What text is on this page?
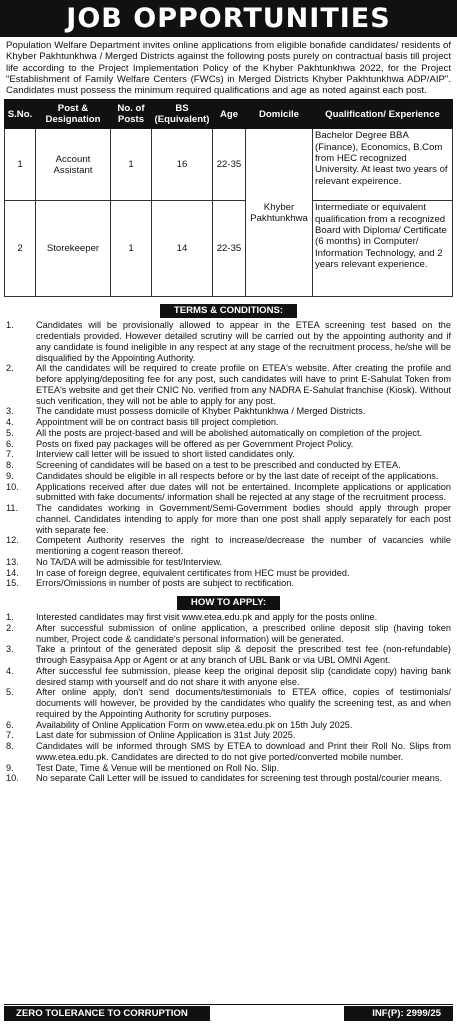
JOB OPPORTUNITIES
Population Welfare Department invites online applications from eligible bonafide candidates/ residents of Khyber Pakhtunkhwa / Merged Districts against the following posts purely on contractual basis till project life according to the Project Implementation Policy of the Khyber Pakhtunkhwa 2022, for the Project "Establishment of Family Welfare Centers (FWCs) in Merged Districts Khyber Pakhtunkhwa ADP/AIP". Candidates must possess the minimum required qualifications and age as noted against each post.
S.No.	Post & Designation	No. of Posts	BS (Equivalent)	Age	Domicile	Qualification/ Experience
1	Account Assistant	1	16	22-35	Khyber Pakhtunkhwa	Bachelor Degree BBA (Finance), Economics, B.Com from HEC recognized University. At least two years of relevant expeirence.
2	Storekeeper	1	14	22-35		Intermediate or equivalent qualification from a recognized Board with Diploma/ Certificate (6 months) in Computer/ Information Technology, and 2 years relevant experience.
TERMS & CONDITIONS:
1.	Candidates will be provisionally allowed to appear in the ETEA screening test based on the credentials provided. However detailed scrutiny will be carried out by the appointing authority and if any candidate is found ineligible in any respect at any stage of the recruitment process, he/she will be disqualified by the Appointing Authority.
2.	All the candidates will be required to create profile on ETEA's website. After creating the profile and before applying/depositing fee for any post, such candidates will have to print E-Sahulat Token from ETEA's website and get their CNIC No. verified from any NADRA E-Sahulat franchise (Kiosk). Without such verification, they will not be able to apply for any post.
3.	The candidate must possess domicile of Khyber Pakhtunkhwa / Merged Districts.
4.	Appointment will be on contract basis till project completion.
5.	All the posts are project-based and will be abolished automatically on completion of the project.
6.	Posts on fixed pay packages will be offered as per Government Project Policy.
7.	Interview call letter will be issued to short listed candidates only.
8.	Screening of candidates will be based on a test to be prescribed and conducted by ETEA.
9.	Candidates should be eligible in all respects before or by the last date of receipt of the applications.
10.	Applications received after due dates will not be entertained. Incomplete applications or application submitted with fake documents/ information shall be rejected at any stage of the recruitment process.
11.	The candidates working in Government/Semi-Government bodies should apply through proper channel. Candidates intending to apply for more than one post shall apply separately for each post with separate fee.
12.	Competent Authority reserves the right to increase/decrease the number of vacancies while mentioning a cogent reason thereof.
13.	No TA/DA will be admissible for test/Interview.
14.	In case of foreign degree, equivalent certificates from HEC must be provided.
15.	Errors/Omissions in number of posts are subject to rectification.
HOW TO APPLY:
1.	Interested candidates may first visit www.etea.edu.pk and apply for the posts online.
2.	After successful submission of online application, a prescribed online deposit slip (having token number, Project code & candidate's personal information) will be generated.
3.	Take a printout of the generated deposit slip & deposit the prescribed test fee (non-refundable) through Easypaisa App or Agent or at any branch of UBL Bank or via UBL OMNI Agent.
4.	After successful fee submission, please keep the original deposit slip (candidate copy) having bank desired stamp with yourself and do not share it with anyone else.
5.	After online apply, don't send documents/testimonials to ETEA office, copies of testimonials/ documents will however, be provided by the candidates who qualify the screening test, as and when required by the Appointing Authority for scrutiny purposes.
6.	Availability of Online Application Form on www.etea.edu.pk on 15th July 2025.
7.	Last date for submission of Online Application is 31st July 2025.
8.	Candidates will be informed through SMS by ETEA to download and Print their Roll No. Slips from www.etea.edu.pk. Candidates are directed to do not give ported/converted mobile number.
9.	Test Date, Time & Venue will be mentioned on Roll No. Slip.
10.	No separate Call Letter will be issued to candidates for screening test through postal/courier means.
ZERO TOLERANCE TO CORRUPTION	INF(P): 2999/25
